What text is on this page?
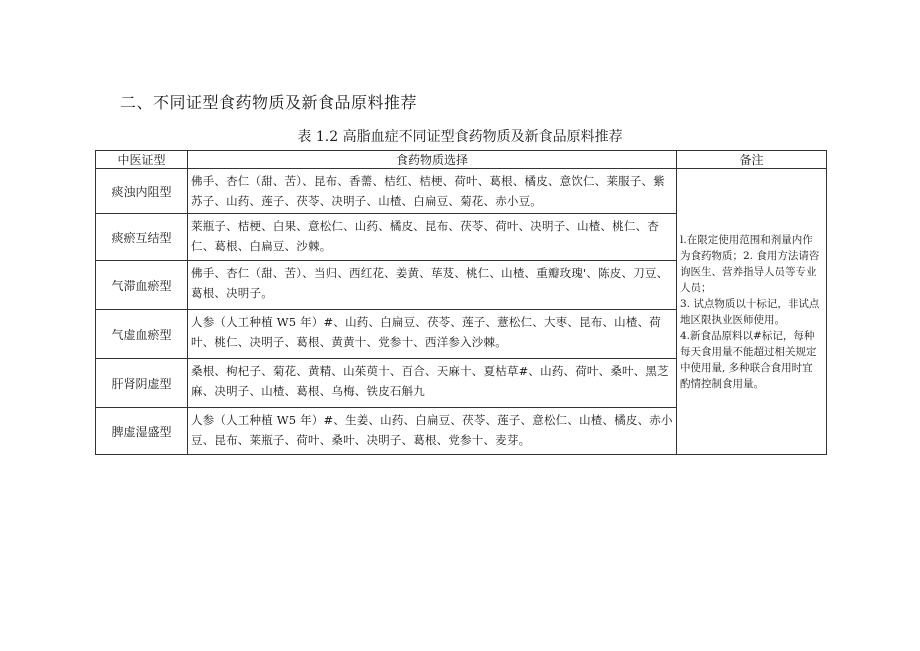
二、不同证型食药物质及新食品原料推荐
表 1.2 高脂血症不同证型食药物质及新食品原料推荐
中医证型	食药物质选择	备注
痰浊内阻型	佛手、杏仁（甜、苦）、昆布、香薷、桔红、桔梗、荷叶、葛根、橘皮、意饮仁、莱服子、紫苏子、山药、莲子、茯苓、决明子、山楂、白扁豆、菊花、赤小豆。	l.在限定使用范围和剂量内作为食药物质；2. 食用方法请咨询医生、营养指导人员等专业人员；

3. 试点物质以十标记，非试点地区限执业医师使用。

4.新食品原料以#标记，每种每天食用量不能超过相关规定中使用量, 多种联合食用时宜酌情控制食用量。

痰瘀互结型	莱瓶子、桔梗、白果、意松仁、山药、橘皮、昆布、茯苓、荷叶、决明子、山楂、桃仁、杏仁、葛根、白扁豆、沙棘。	
气滞血瘀型	佛手、杏仁（甜、苦）、当归、西红花、姜黄、荜芨、桃仁、山楂、重瓣玫瑰'、陈皮、刀豆、葛根、决明子。	
气虚血瘀型	人参（人工种植 W5 年）#、山药、白扁豆、茯苓、莲子、薏松仁、大枣、昆布、山楂、荷叶、桃仁、决明子、葛根、黄黄十、党参十、西洋参入沙棘。	
肝肾阴虚型	桑根、枸杞子、菊花、黄精、山茱萸十、百合、天麻十、夏枯草#、山药、荷叶、桑叶、黑芝麻、决明子、山楂、葛根、乌梅、铁皮石斛九	
脾虚湿盛型	人参（人工种植 W5 年）#、生姜、山药、白扁豆、茯苓、莲子、意松仁、山楂、橘皮、赤小豆、昆布、莱瓶子、荷叶、桑叶、决明子、葛根、党参十、麦芽。	
